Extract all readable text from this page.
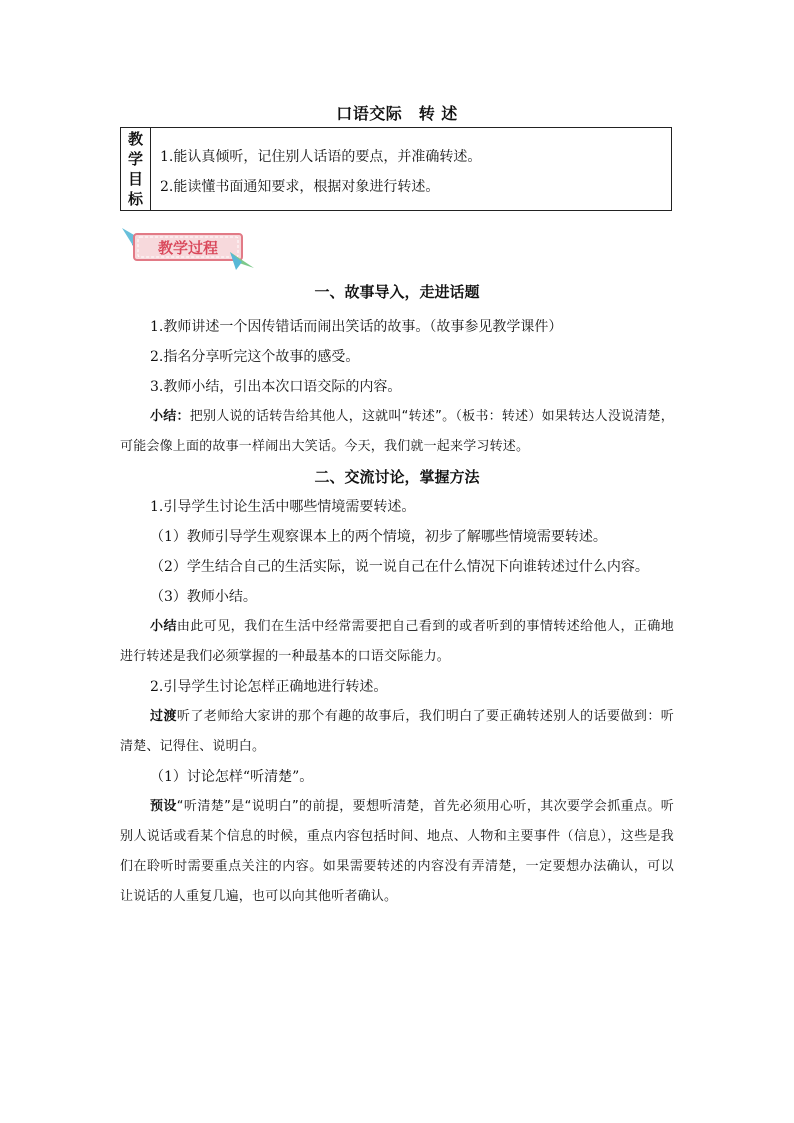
口语交际　转 述
教
学
目
标
1.能认真倾听，记住别人话语的要点，并准确转述。
2.能读懂书面通知要求，根据对象进行转述。
教学过程
一、故事导入，走进话题

1.教师讲述一个因传错话而闹出笑话的故事。（故事参见教学课件）

2.指名分享听完这个故事的感受。

3.教师小结，引出本次口语交际的内容。

小结：把别人说的话转告给其他人，这就叫“转述”。（板书：转述）如果转达人没说清楚，可能会像上面的故事一样闹出大笑话。今天，我们就一起来学习转述。

二、交流讨论，掌握方法

1.引导学生讨论生活中哪些情境需要转述。

（1）教师引导学生观察课本上的两个情境，初步了解哪些情境需要转述。

（2）学生结合自己的生活实际，说一说自己在什么情况下向谁转述过什么内容。

（3）教师小结。

小结由此可见，我们在生活中经常需要把自己看到的或者听到的事情转述给他人，正确地进行转述是我们必须掌握的一种最基本的口语交际能力。

2.引导学生讨论怎样正确地进行转述。

过渡听了老师给大家讲的那个有趣的故事后，我们明白了要正确转述别人的话要做到：听清楚、记得住、说明白。

（1）讨论怎样“听清楚”。

预设“听清楚”是“说明白”的前提，要想听清楚，首先必须用心听，其次要学会抓重点。听别人说话或看某个信息的时候，重点内容包括时间、地点、人物和主要事件（信息），这些是我们在聆听时需要重点关注的内容。如果需要转述的内容没有弄清楚，一定要想办法确认，可以让说话的人重复几遍，也可以向其他听者确认。
